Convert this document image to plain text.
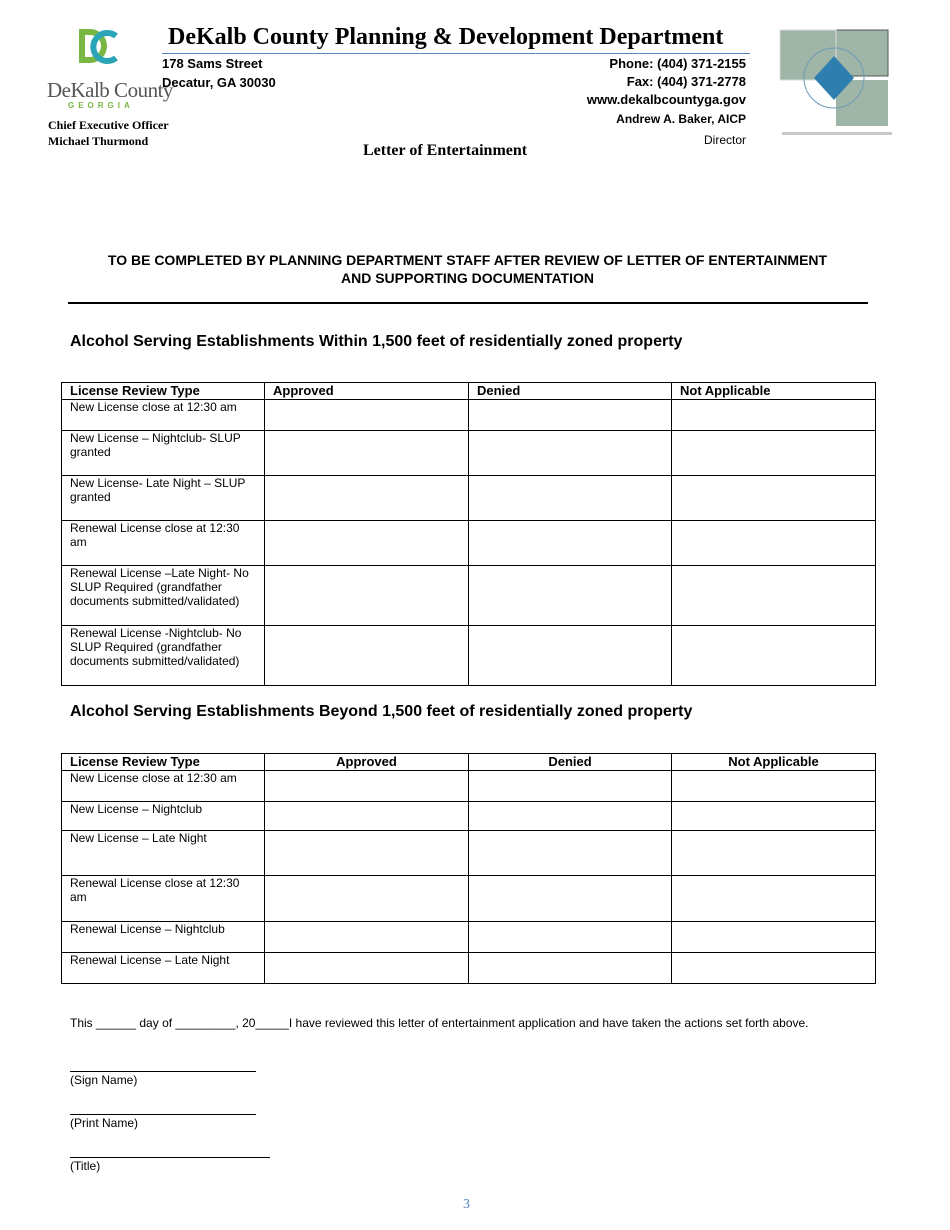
DeKalb County
GEORGIA
Chief Executive Officer
Michael Thurmond
DeKalb County Planning & Development Department
178 Sams Street
Decatur, GA 30030
Phone: (404) 371-2155
Fax: (404) 371-2778
www.dekalbcountyga.gov
Andrew A. Baker, AICP
Director
Letter of Entertainment
TO BE COMPLETED BY PLANNING DEPARTMENT STAFF AFTER REVIEW OF LETTER OF ENTERTAINMENT AND SUPPORTING DOCUMENTATION
Alcohol Serving Establishments Within 1,500 feet of residentially zoned property
License Review Type	Approved	Denied	Not Applicable
New License close at 12:30 am			
New License – Nightclub- SLUP granted			
New License- Late Night – SLUP granted			
Renewal License close at 12:30 am			
Renewal License –Late Night- No SLUP Required (grandfather documents submitted/validated)			
Renewal License -Nightclub- No SLUP Required (grandfather documents submitted/validated)			
Alcohol Serving Establishments Beyond 1,500 feet of residentially zoned property
License Review Type	Approved	Denied	Not Applicable
New License close at 12:30 am			
New License – Nightclub			
New License – Late Night			
Renewal License close at 12:30 am			
Renewal License – Nightclub			
Renewal License – Late Night			
This ______ day of _________, 20_____I have reviewed this letter of entertainment application and have taken the actions set forth above.
(Sign Name)
(Print Name)
(Title)
3
